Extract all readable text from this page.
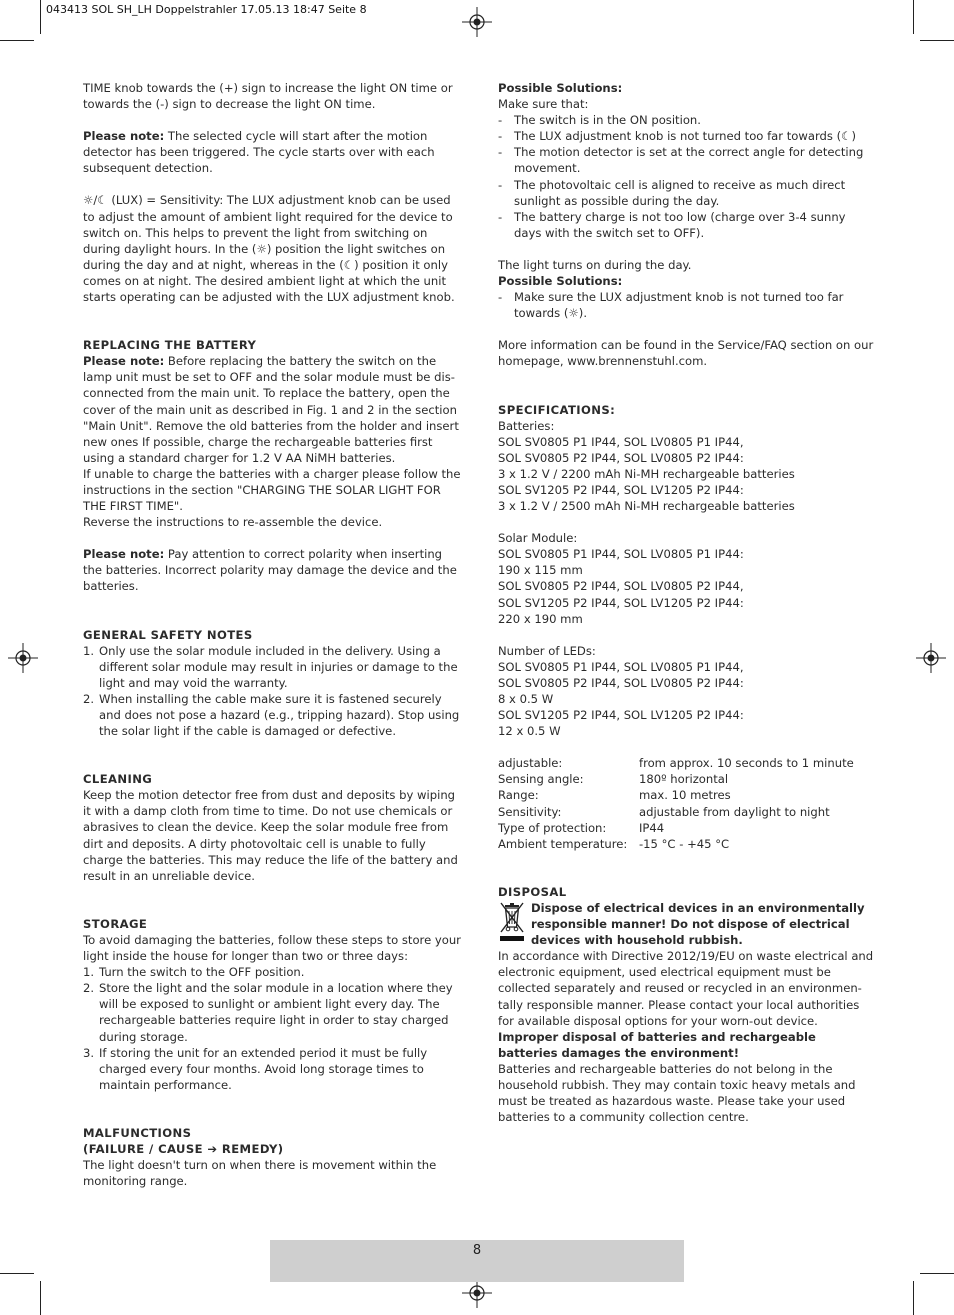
043413 SOL SH_LH Doppelstrahler 17.05.13 18:47 Seite 8

TIME knob towards the (+) sign to increase the light ON time or towards the (-) sign to decrease the light ON time.

Please note: The selected cycle will start after the motion detector has been triggered. The cycle starts over with each subsequent detection.

☼/☾ (LUX) = Sensitivity: The LUX adjustment knob can be used to adjust the amount of ambient light required for the device to switch on. This helps to prevent the light from switching on during daylight hours. In the (☼) position the light switches on during the day and at night, whereas in the (☾) position it only comes on at night. The desired ambient light at which the unit starts operating can be adjusted with the LUX adjustment knob.

REPLACING THE BATTERY

Please note: Before replacing the battery the switch on the lamp unit must be set to OFF and the solar module must be dis-connected from the main unit. To replace the battery, open the cover of the main unit as described in Fig. 1 and 2 in the section "Main Unit". Remove the old batteries from the holder and insert new ones If possible, charge the rechargeable batteries first using a standard charger for 1.2 V AA NiMH batteries.

If unable to charge the batteries with a charger please follow the instructions in the section "CHARGING THE SOLAR LIGHT FOR THE FIRST TIME".

Reverse the instructions to re-assemble the device.

Please note: Pay attention to correct polarity when inserting the batteries. Incorrect polarity may damage the device and the batteries.

GENERAL SAFETY NOTES

1. Only use the solar module included in the delivery. Using a different solar module may result in injuries or damage to the light and may void the warranty.
2. When installing the cable make sure it is fastened securely and does not pose a hazard (e.g., tripping hazard). Stop using the solar light if the cable is damaged or defective.

CLEANING

Keep the motion detector free from dust and deposits by wiping it with a damp cloth from time to time. Do not use chemicals or abrasives to clean the device. Keep the solar module free from dirt and deposits. A dirty photovoltaic cell is unable to fully charge the batteries. This may reduce the life of the battery and result in an unreliable device.

STORAGE

To avoid damaging the batteries, follow these steps to store your light inside the house for longer than two or three days:

1. Turn the switch to the OFF position.
2. Store the light and the solar module in a location where they will be exposed to sunlight or ambient light every day. The rechargeable batteries require light in order to stay charged during storage.
3. If storing the unit for an extended period it must be fully charged every four months. Avoid long storage times to maintain performance.

MALFUNCTIONS

(FAILURE / CAUSE ➔ REMEDY)

The light doesn't turn on when there is movement within the monitoring range.

Possible Solutions:

Make sure that:

- The switch is in the ON position.
- The LUX adjustment knob is not turned too far towards (☾)
- The motion detector is set at the correct angle for detecting movement.
- The photovoltaic cell is aligned to receive as much direct sunlight as possible during the day.
- The battery charge is not too low (charge over 3-4 sunny days with the switch set to OFF).

The light turns on during the day.

Possible Solutions:

- Make sure the LUX adjustment knob is not turned too far towards (☼).

More information can be found in the Service/FAQ section on our homepage, www.brennenstuhl.com.

SPECIFICATIONS:

Batteries:

SOL SV0805 P1 IP44, SOL LV0805 P1 IP44,

SOL SV0805 P2 IP44, SOL LV0805 P2 IP44:

3 x 1.2 V / 2200 mAh Ni-MH rechargeable batteries

SOL SV1205 P2 IP44, SOL LV1205 P2 IP44:

3 x 1.2 V / 2500 mAh Ni-MH rechargeable batteries

Solar Module:

SOL SV0805 P1 IP44, SOL LV0805 P1 IP44:

190 x 115 mm

SOL SV0805 P2 IP44, SOL LV0805 P2 IP44,

SOL SV1205 P2 IP44, SOL LV1205 P2 IP44:

220 x 190 mm

Number of LEDs:

SOL SV0805 P1 IP44, SOL LV0805 P1 IP44,

SOL SV0805 P2 IP44, SOL LV0805 P2 IP44:

8 x 0.5 W

SOL SV1205 P2 IP44, SOL LV1205 P2 IP44:

12 x 0.5 W

adjustable:	from approx. 10 seconds to 1 minute
Sensing angle:	180º horizontal
Range:	max. 10 metres
Sensitivity:	adjustable from daylight to night
Type of protection:	IP44
Ambient temperature:	-15 °C - +45 °C

DISPOSAL

Dispose of electrical devices in an environmentally responsible manner! Do not dispose of electrical devices with household rubbish.

In accordance with Directive 2012/19/EU on waste electrical and electronic equipment, used electrical equipment must be collected separately and reused or recycled in an environmen-tally responsible manner. Please contact your local authorities for available disposal options for your worn-out device.

Improper disposal of batteries and rechargeable batteries damages the environment!

Batteries and rechargeable batteries do not belong in the household rubbish. They may contain toxic heavy metals and must be treated as hazardous waste. Please take your used batteries to a community collection centre.

8
